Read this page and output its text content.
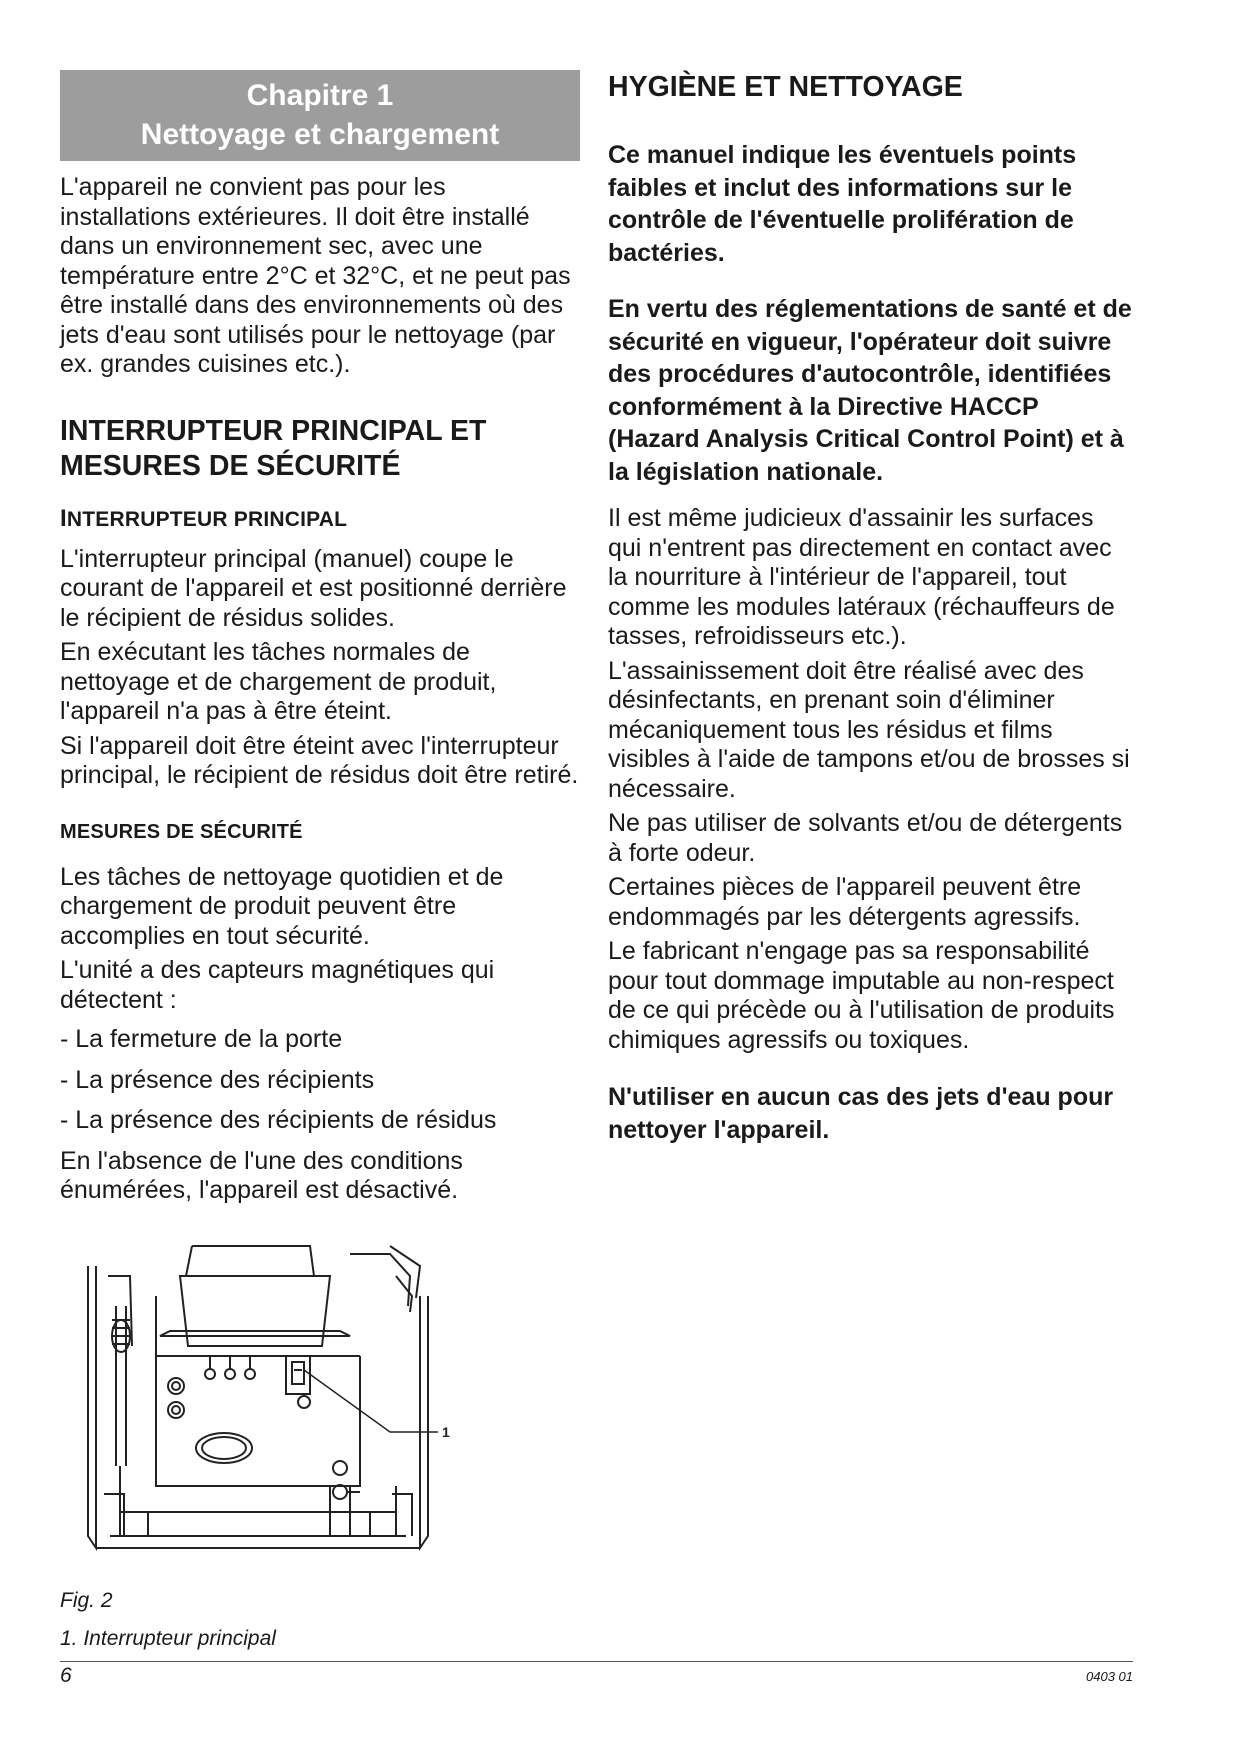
Chapitre 1
Nettoyage et chargement

L'appareil ne convient pas pour les installations extérieures. Il doit être installé dans un environnement sec, avec une température entre 2°C et 32°C, et ne peut pas être installé dans des environnements où des jets d'eau sont utilisés pour le nettoyage (par ex. grandes cuisines etc.).

INTERRUPTEUR PRINCIPAL ET MESURES DE SÉCURITÉ
INTERRUPTEUR PRINCIPAL

L'interrupteur principal (manuel) coupe le courant de l'appareil et est positionné derrière le récipient de résidus solides.

En exécutant les tâches normales de nettoyage et de chargement de produit, l'appareil n'a pas à être éteint.

Si l'appareil doit être éteint avec l'interrupteur principal, le récipient de résidus doit être retiré.

MESURES DE SÉCURITÉ

Les tâches de nettoyage quotidien et de chargement de produit peuvent être accomplies en tout sécurité.

L'unité a des capteurs magnétiques qui détectent :

- La fermeture de la porte
- La présence des récipients
- La présence des récipients de résidus

En l'absence de l'une des conditions énumérées, l'appareil est désactivé.

1
Fig. 2
1. Interrupteur principal
HYGIÈNE ET NETTOYAGE

Ce manuel indique les éventuels points faibles et inclut des informations sur le contrôle de l'éventuelle prolifération de bactéries.

En vertu des réglementations de santé et de sécurité en vigueur, l'opérateur doit suivre des procédures d'autocontrôle, identifiées conformément à la Directive HACCP (Hazard Analysis Critical Control Point) et à la législation nationale.

Il est même judicieux d'assainir les surfaces qui n'entrent pas directement en contact avec la nourriture à l'intérieur de l'appareil, tout comme les modules latéraux (réchauffeurs de tasses, refroidisseurs etc.).

L'assainissement doit être réalisé avec des désinfectants, en prenant soin d'éliminer mécaniquement tous les résidus et films visibles à l'aide de tampons et/ou de brosses si nécessaire.

Ne pas utiliser de solvants et/ou de détergents à forte odeur.

Certaines pièces de l'appareil peuvent être endommagés par les détergents agressifs.

Le fabricant n'engage pas sa responsabilité pour tout dommage imputable au non-respect de ce qui précède ou à l'utilisation de produits chimiques agressifs ou toxiques.

N'utiliser en aucun cas des jets d'eau pour nettoyer l'appareil.

6	0403 01
